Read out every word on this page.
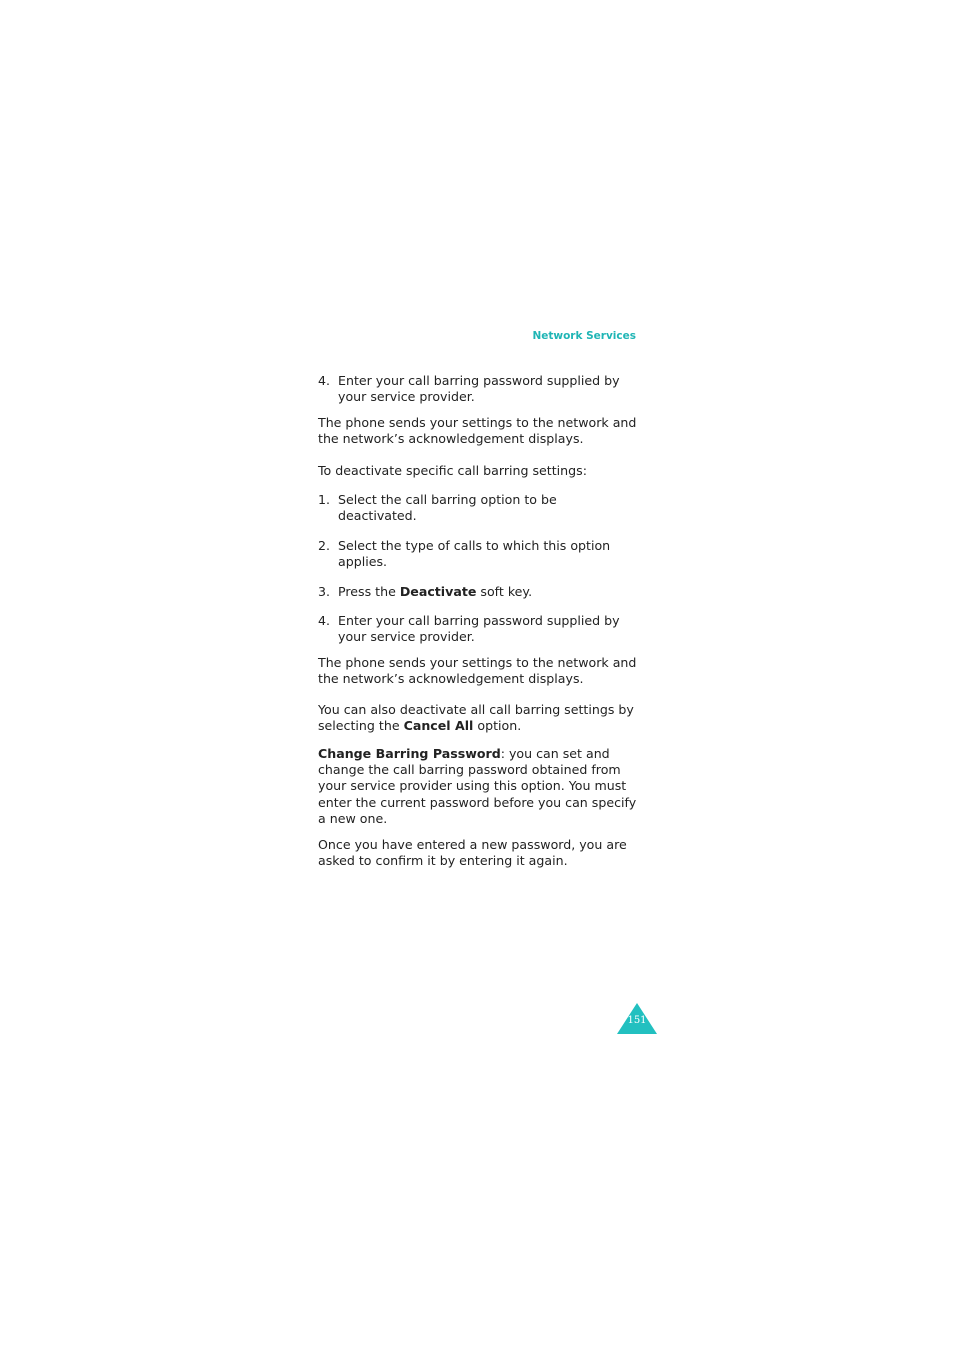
Network Services
4. Enter your call barring password supplied by your service provider.

The phone sends your settings to the network and the network’s acknowledgement displays.

To deactivate specific call barring settings:

1. Select the call barring option to be deactivated.
2. Select the type of calls to which this option applies.
3. Press the Deactivate soft key.
4. Enter your call barring password supplied by your service provider.

The phone sends your settings to the network and the network’s acknowledgement displays.

You can also deactivate all call barring settings by selecting the Cancel All option.

Change Barring Password: you can set and change the call barring password obtained from your service provider using this option. You must enter the current password before you can specify a new one.

Once you have entered a new password, you are asked to confirm it by entering it again.

151
